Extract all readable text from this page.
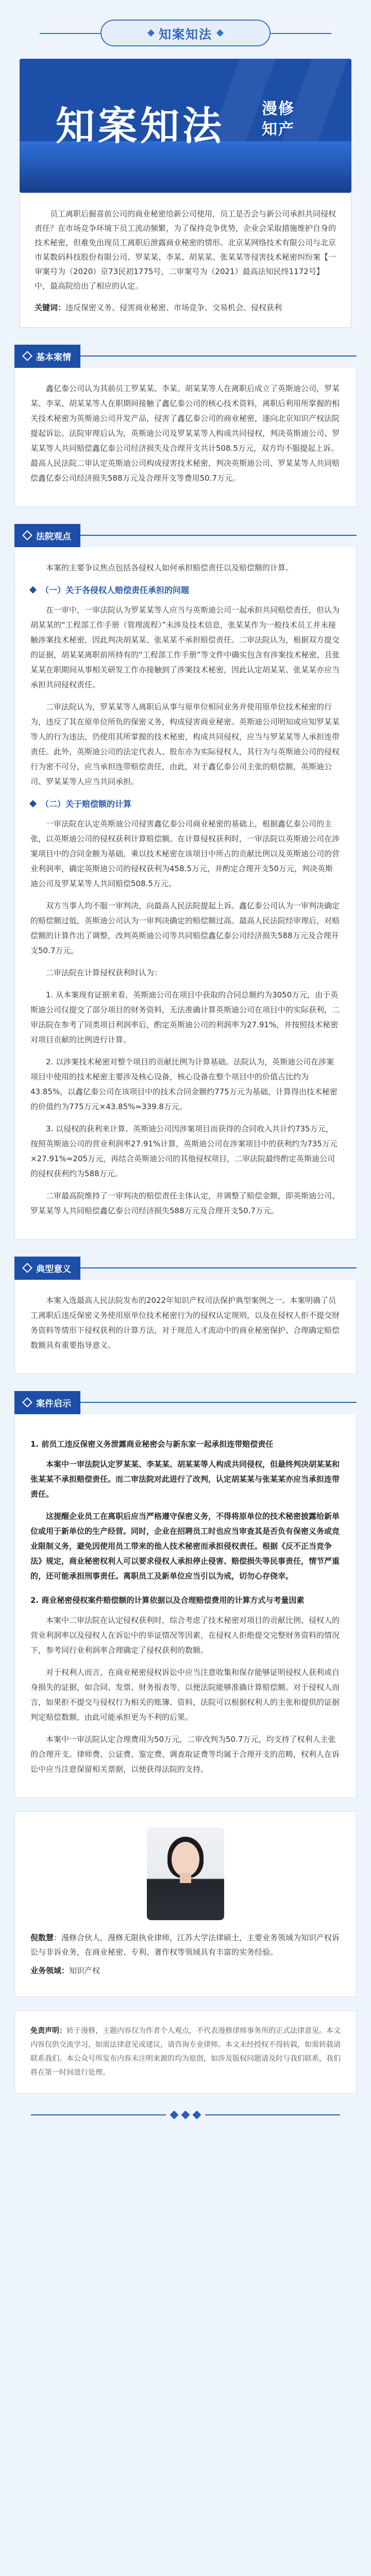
知案知法
知案知法 漫修
知产

员工离职后掘喜前公司的商业秘密给新公司使用，员工是否会与新公司承担共同侵权责任？在市场竞争环境下员工流动频繁，为了保持竞争优势，企业会采取措施维护自身的技术秘密，但难免出现员工离职后泄露商业秘密的情形。北京某网络技术有限公司与北京市某数码科技股份有限公司、罗某某、李某、胡某某、张某某等侵害技术秘密纠纷案【一审案号为（2020）京73民初1775号，二审案号为（2021）最高法知民终1172号】中，最高院给出了相应的认定。

关键词：违反保密义务、侵害商业秘密、市场竞争、交易机会、侵权获利

基本案情

鑫亿泰公司认为其前员工罗某某、李某、胡某某等人在离职后成立了英斯迪公司，罗某某、李某、胡某某等人在职期间接触了鑫亿泰公司的核心技术资料，离职后利用所掌握的相关技术秘密为英斯迪公司开发产品，侵害了鑫亿泰公司的商业秘密，遂向北京知识产权法院提起诉讼。法院审理后认为，英斯迪公司及罗某某等人构成共同侵权，判决英斯迪公司、罗某某等人共同赔偿鑫亿泰公司经济损失及合理开支共计508.5万元，双方均不服提起上诉。最高人民法院二审认定英斯迪公司构成侵害技术秘密，判决英斯迪公司、罗某某等人共同赔偿鑫亿泰公司经济损失588万元及合理开支等费用50.7万元。

法院观点

本案的主要争议焦点包括各侵权人如何承担赔偿责任以及赔偿额的计算。

（一）关于各侵权人赔偿责任承担的问题

在一审中，一审法院认为罗某某等人应当与英斯迪公司一起承担共同赔偿责任，但认为胡某某的“工程部工作手册（管理流程）”未涉及技术信息，张某某作为一般技术员工并未接触涉案技术秘密，因此判决胡某某、张某某不承担赔偿责任。二审法院认为，根据双方提交的证据，胡某某离职前所持有的“工程部工作手册”等文件中确实包含有涉案技术秘密，且张某某在职期间从事相关研发工作亦接触到了涉案技术秘密，因此认定胡某某、张某某亦应当承担共同侵权责任。

二审法院认为，罗某某等人离职后从事与原单位相同业务并使用原单位技术秘密的行为，违反了其在原单位所负的保密义务，构成侵害商业秘密。英斯迪公司明知或应知罗某某等人的行为违法，仍使用其所掌握的技术秘密，构成共同侵权，应当与罗某某等人承担连带责任。此外，英斯迪公司的法定代表人、股东亦为实际侵权人，其行为与英斯迪公司的侵权行为密不可分，应当承担连带赔偿责任，由此，对于鑫亿泰公司主张的赔偿额，英斯迪公司、罗某某等人应当共同承担。

（二）关于赔偿额的计算

一审法院在认定英斯迪公司侵害鑫亿泰公司商业秘密的基础上，根据鑫亿泰公司的主张，以英斯迪公司的侵权获利计算赔偿额。在计算侵权获利时，一审法院以英斯迪公司在涉案项目中的合同金额为基础，乘以技术秘密在该项目中所占的贡献比例以及英斯迪公司的营业利润率，确定英斯迪公司的侵权获利为458.5万元，并酌定合理开支50万元，判决英斯迪公司及罗某某等人共同赔偿508.5万元。

双方当事人均不服一审判决，向最高人民法院提起上诉。鑫亿泰公司认为一审判决确定的赔偿额过低，英斯迪公司认为一审判决确定的赔偿额过高。最高人民法院经审理后，对赔偿额的计算作出了调整，改判英斯迪公司等共同赔偿鑫亿泰公司经济损失588万元及合理开支50.7万元。

二审法院在计算侵权获利时认为：

1. 从本案现有证据来看，英斯迪公司在项目中获取的合同总额约为3050万元，由于英斯迪公司仅提交了部分项目的财务资料，无法准确计算英斯迪公司在项目中的实际获利，二审法院在参考了同类项目利润率后，酌定英斯迪公司的利润率为27.91%，并按照技术秘密对项目贡献的比例进行计算。

2. 以涉案技术秘密对整个项目的贡献比例为计算基础。法院认为，英斯迪公司在涉案项目中使用的技术秘密主要涉及核心设备，核心设备在整个项目中的价值占比约为43.85%，以鑫亿泰公司在该项目中的技术合同金额约775万元为基础，计算得出技术秘密的价值约为775万元×43.85%≈339.8万元。

3. 以侵权的获利来计算。英斯迪公司因涉案项目而获得的合同收入共计约735万元，按照英斯迪公司的营业利润率27.91%计算，英斯迪公司在涉案项目中的获利约为735万元×27.91%≈205万元，再结合英斯迪公司的其他侵权项目，二审法院最终酌定英斯迪公司的侵权获利约为588万元。

二审最高院维持了一审判决的赔偿责任主体认定，并调整了赔偿金额，即英斯迪公司、罗某某等人共同赔偿鑫亿泰公司经济损失588万元及合理开支50.7万元。

典型意义

本案入选最高人民法院发布的2022年知识产权司法保护典型案例之一。本案明确了员工离职后违反保密义务使用原单位技术秘密行为的侵权认定规则，以及在侵权人拒不提交财务资料等情形下侵权获利的计算方法，对于规范人才流动中的商业秘密保护、合理确定赔偿数额具有重要指导意义。

案件启示
1. 前员工违反保密义务泄露商业秘密会与新东家一起承担连带赔偿责任

本案中一审法院认定罗某某、李某某、胡某某等人构成共同侵权，但最终判决胡某某和张某某不承担赔偿责任。而二审法院对此进行了改判，认定胡某某与张某某亦应当承担连带责任。

这提醒企业员工在离职后应当严格遵守保密义务，不得将原单位的技术秘密披露给新单位或用于新单位的生产经营。同时，企业在招聘员工时也应当审查其是否负有保密义务或竞业限制义务，避免因使用员工带来的他人技术秘密而承担侵权责任。根据《反不正当竞争法》规定，商业秘密权利人可以要求侵权人承担停止侵害、赔偿损失等民事责任，情节严重的，还可能承担刑事责任。离职员工及新单位应当引以为戒，切勿心存侥幸。

2. 商业秘密侵权案件赔偿额的计算依据以及合理赔偿费用的计算方式与考量因素

本案中二审法院在认定侵权获利时，综合考虑了技术秘密对项目的贡献比例、侵权人的营业利润率以及侵权人在诉讼中的举证情况等因素，在侵权人拒绝提交完整财务资料的情况下，参考同行业利润率合理确定了侵权获利的数额。

对于权利人而言，在商业秘密侵权诉讼中应当注意收集和保存能够证明侵权人获利或自身损失的证据，如合同、发票、财务报表等，以便法院能够准确计算赔偿额。对于侵权人而言，如果拒不提交与侵权行为相关的账簿、资料，法院可以根据权利人的主张和提供的证据判定赔偿数额，由此可能承担更为不利的后果。

本案中一审法院认定合理费用为50万元，二审改判为50.7万元，均支持了权利人主张的合理开支。律师费、公证费、鉴定费、调查取证费等均属于合理开支的范畴，权利人在诉讼中应当注意保留相关票据，以便获得法院的支持。

倪数慧：漫修合伙人，漫修无限执业律师，江苏大学法律硕士，主要业务领域为知识产权诉讼与非诉业务，在商业秘密、专利、著作权等领域具有丰富的实务经验。

业务领域：知识产权

免责声明：转于漫修，主题内容仅为作者个人观点，不代表漫修律师事务所的正式法律意见。本文内容仅供交流学习，如需法律意见或建议，请咨询专业律师。本文未经授权不得转载，如需转载请联系我们。本公众号所发布内容未注明来源的均为原创，如涉及版权问题请及时与我们联系，我们将在第一时间进行处理。
